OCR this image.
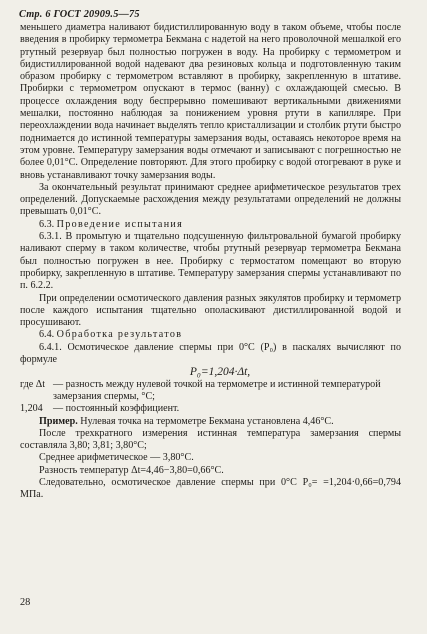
Стр. 6 ГОСТ 20909.5—75

меньшего диаметра наливают бидистиллированную воду в таком объеме, чтобы после введения в пробирку термометра Бекмана с надетой на него проволочной мешалкой его ртутный резервуар был полностью погружен в воду. На пробирку с термометром и бидистиллированной водой надевают два резиновых кольца и подготовленную таким образом пробирку с термометром вставляют в пробирку, закрепленную в штативе. Пробирки с термометром опускают в термос (ванну) с охлаждающей смесью. В процессе охлаждения воду беспрерывно помешивают вертикальными движениями мешалки, постоянно наблюдая за понижением уровня ртути в капилляре. При переохлаждении вода начинает выделять тепло кристаллизации и столбик ртути быстро поднимается до истинной температуры замерзания воды, оставаясь некоторое время на этом уровне. Температуру замерзания воды отмечают и записывают с погрешностью не более 0,01°С. Определение повторяют. Для этого пробирку с водой отогревают в руке и вновь устанавливают точку замерзания воды.

За окончательный результат принимают среднее арифметическое результатов трех определений. Допускаемые расхождения между результатами определений не должны превышать 0,01°С.

6.3. Проведение испытания

6.3.1. В промытую и тщательно подсушенную фильтровальной бумагой пробирку наливают сперму в таком количестве, чтобы ртутный резервуар термометра Бекмана был полностью погружен в нее. Пробирку с термостатом помещают во вторую пробирку, закрепленную в штативе. Температуру замерзания спермы устанавливают по п. 6.2.2.

При определении осмотического давления разных эякулятов пробирку и термометр после каждого испытания тщательно ополаскивают дистиллированной водой и просушивают.

6.4. Обработка результатов

6.4.1. Осмотическое давление спермы при 0°С (P₀) в паскалях вычисляют по формуле

P₀=1,204·Δt,

где Δt — разность между нулевой точкой на термометре и истинной температурой замерзания спермы, °С;
1,204	— постоянный коэффициент.

Пример. Нулевая точка на термометре Бекмана установлена 4,46°С.

После трехкратного измерения истинная температура замерзания спермы составляла 3,80; 3,81; 3,80°С;

Среднее арифметическое — 3,80°С.

Разность температур Δt=4,46−3,80=0,66°С.

Следовательно, осмотическое давление спермы при 0°С P₀= =1,204·0,66=0,794 МПа.

28
